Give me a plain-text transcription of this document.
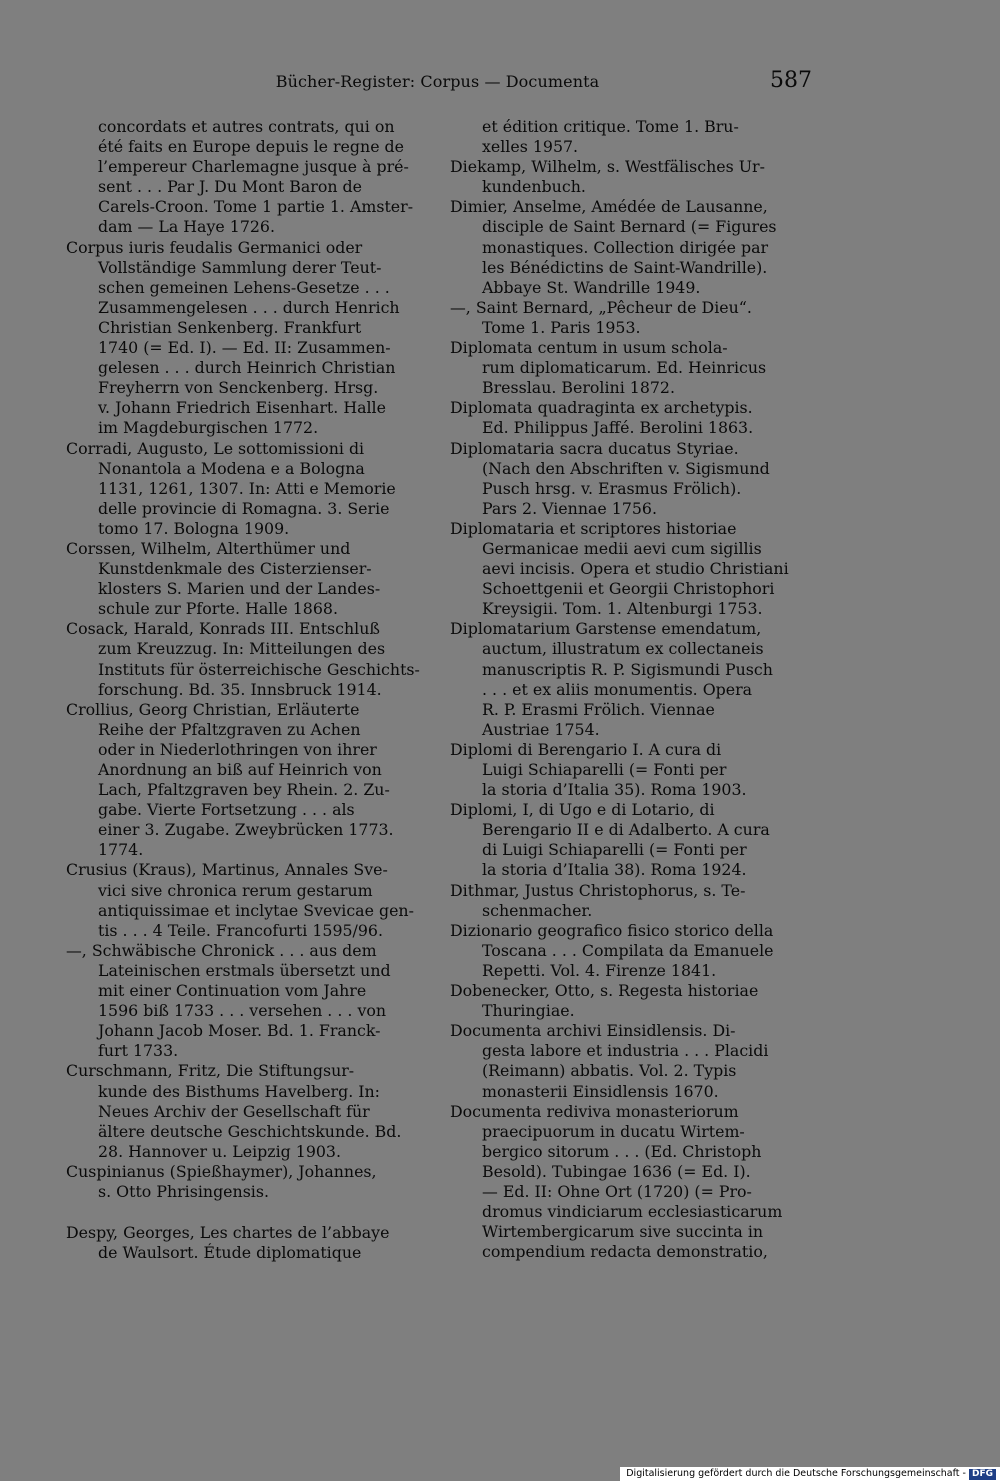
Bücher-Register: Corpus — Documenta	587
concordats et autres contrats, qui on
été faits en Europe depuis le regne de
l’empereur Charlemagne jusque à pré-
sent . . . Par J. Du Mont Baron de
Carels-Croon. Tome 1 partie 1. Amster-
dam — La Haye 1726.
Corpus iuris feudalis Germanici oder
Vollständige Sammlung derer Teut-
schen gemeinen Lehens-Gesetze . . .
Zusammengelesen . . . durch Henrich
Christian Senkenberg. Frankfurt
1740 (= Ed. I). — Ed. II: Zusammen-
gelesen . . . durch Heinrich Christian
Freyherrn von Senckenberg. Hrsg.
v. Johann Friedrich Eisenhart. Halle
im Magdeburgischen 1772.
Corradi, Augusto, Le sottomissioni di
Nonantola a Modena e a Bologna
1131, 1261, 1307. In: Atti e Memorie
delle provincie di Romagna. 3. Serie
tomo 17. Bologna 1909.
Corssen, Wilhelm, Alterthümer und
Kunstdenkmale des Cisterzienser-
klosters S. Marien und der Landes-
schule zur Pforte. Halle 1868.
Cosack, Harald, Konrads III. Entschluß
zum Kreuzzug. In: Mitteilungen des
Instituts für österreichische Geschichts-
forschung. Bd. 35. Innsbruck 1914.
Crollius, Georg Christian, Erläuterte
Reihe der Pfaltzgraven zu Achen
oder in Niederlothringen von ihrer
Anordnung an biß auf Heinrich von
Lach, Pfaltzgraven bey Rhein. 2. Zu-
gabe. Vierte Fortsetzung . . . als
einer 3. Zugabe. Zweybrücken 1773.
1774.
Crusius (Kraus), Martinus, Annales Sve-
vici sive chronica rerum gestarum
antiquissimae et inclytae Svevicae gen-
tis . . . 4 Teile. Francofurti 1595/96.
—, Schwäbische Chronick . . . aus dem
Lateinischen erstmals übersetzt und
mit einer Continuation vom Jahre
1596 biß 1733 . . . versehen . . . von
Johann Jacob Moser. Bd. 1. Franck-
furt 1733.
Curschmann, Fritz, Die Stiftungsur-
kunde des Bisthums Havelberg. In:
Neues Archiv der Gesellschaft für
ältere deutsche Geschichtskunde. Bd.
28. Hannover u. Leipzig 1903.
Cuspinianus (Spießhaymer), Johannes,
s. Otto Phrisingensis.
Despy, Georges, Les chartes de l’abbaye
de Waulsort. Étude diplomatique
et édition critique. Tome 1. Bru-
xelles 1957.
Diekamp, Wilhelm, s. Westfälisches Ur-
kundenbuch.
Dimier, Anselme, Amédée de Lausanne,
disciple de Saint Bernard (= Figures
monastiques. Collection dirigée par
les Bénédictins de Saint-Wandrille).
Abbaye St. Wandrille 1949.
—, Saint Bernard, „Pêcheur de Dieu“.
Tome 1. Paris 1953.
Diplomata centum in usum schola-
rum diplomaticarum. Ed. Heinricus
Bresslau. Berolini 1872.
Diplomata quadraginta ex archetypis.
Ed. Philippus Jaffé. Berolini 1863.
Diplomataria sacra ducatus Styriae.
(Nach den Abschriften v. Sigismund
Pusch hrsg. v. Erasmus Frölich).
Pars 2. Viennae 1756.
Diplomataria et scriptores historiae
Germanicae medii aevi cum sigillis
aevi incisis. Opera et studio Christiani
Schoettgenii et Georgii Christophori
Kreysigii. Tom. 1. Altenburgi 1753.
Diplomatarium Garstense emendatum,
auctum, illustratum ex collectaneis
manuscriptis R. P. Sigismundi Pusch
. . . et ex aliis monumentis. Opera
R. P. Erasmi Frölich. Viennae
Austriae 1754.
Diplomi di Berengario I. A cura di
Luigi Schiaparelli (= Fonti per
la storia d’Italia 35). Roma 1903.
Diplomi, I, di Ugo e di Lotario, di
Berengario II e di Adalberto. A cura
di Luigi Schiaparelli (= Fonti per
la storia d’Italia 38). Roma 1924.
Dithmar, Justus Christophorus, s. Te-
schenmacher.
Dizionario geografico fisico storico della
Toscana . . . Compilata da Emanuele
Repetti. Vol. 4. Firenze 1841.
Dobenecker, Otto, s. Regesta historiae
Thuringiae.
Documenta archivi Einsidlensis. Di-
gesta labore et industria . . . Placidi
(Reimann) abbatis. Vol. 2. Typis
monasterii Einsidlensis 1670.
Documenta rediviva monasteriorum
praecipuorum in ducatu Wirtem-
bergico sitorum . . . (Ed. Christoph
Besold). Tubingae 1636 (= Ed. I).
— Ed. II: Ohne Ort (1720) (= Pro-
dromus vindiciarum ecclesiasticarum
Wirtembergicarum sive succinta in
compendium redacta demonstratio,
Digitalisierung gefördert durch die Deutsche Forschungsgemeinschaft - DFG
